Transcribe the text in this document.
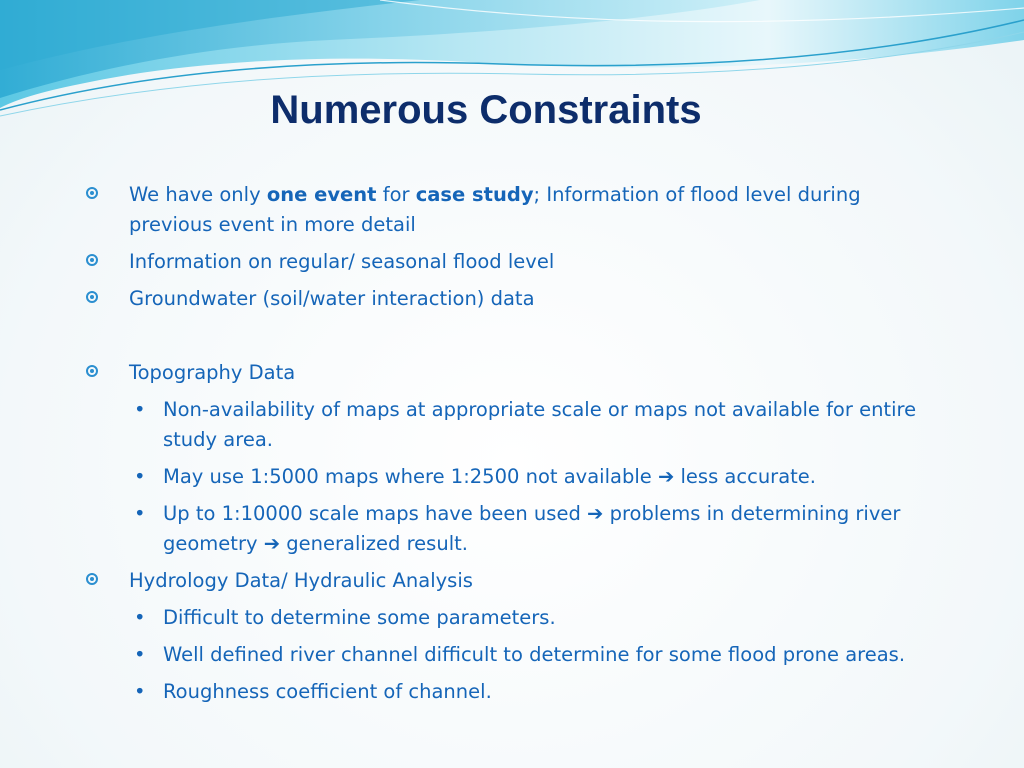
Numerous Constraints
We have only one event for case study; Information of flood level during previous event in more detail
Information on regular/ seasonal flood level
Groundwater (soil/water interaction) data
Topography Data
• Non-availability of maps at appropriate scale or maps not available for entire study area.
• May use 1:5000 maps where 1:2500 not available ➔ less accurate.
• Up to 1:10000 scale maps have been used ➔ problems in determining river geometry ➔ generalized result.
Hydrology Data/ Hydraulic Analysis
• Difficult to determine some parameters.
• Well defined river channel difficult to determine for some flood prone areas.
• Roughness coefficient of channel.
